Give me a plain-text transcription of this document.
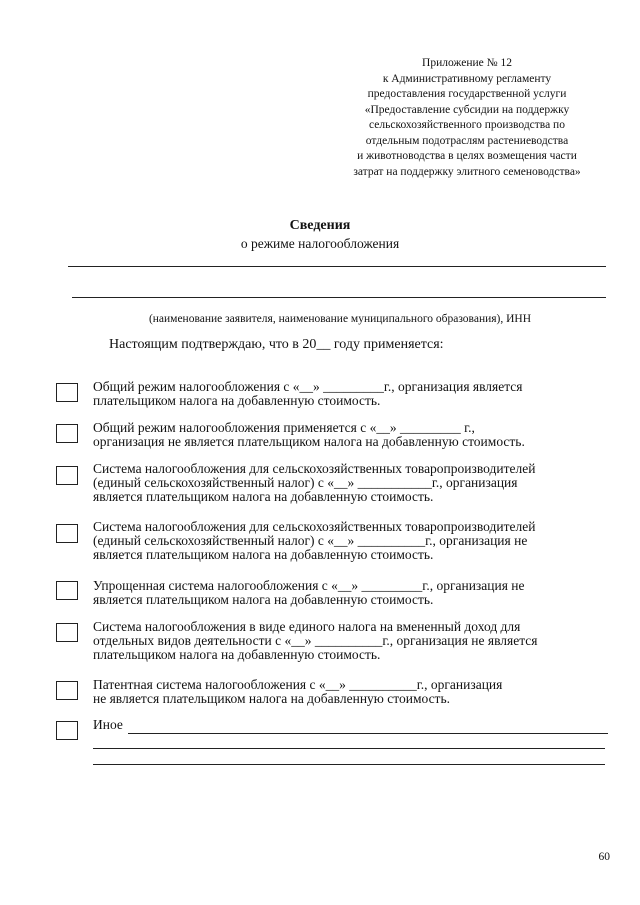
Приложение № 12
к Административному регламенту
предоставления государственной услуги
«Предоставление субсидии на поддержку
сельскохозяйственного производства по
отдельным подотраслям растениеводства
и животноводства в целях возмещения части
затрат на поддержку элитного семеноводства»
Сведения
о режиме налогообложения
(наименование заявителя, наименование муниципального образования), ИНН
Настоящим подтверждаю, что в 20__ году применяется:
Общий режим налогообложения с «__» _________г., организация является
плательщиком налога на добавленную стоимость.
Общий режим налогообложения применяется с «__» _________ г.,
организация не является плательщиком налога на добавленную стоимость.
Система налогообложения для сельскохозяйственных товаропроизводителей
(единый сельскохозяйственный налог) с «__» ___________г., организация
является плательщиком налога на добавленную стоимость.
Система налогообложения для сельскохозяйственных товаропроизводителей
(единый сельскохозяйственный налог) с «__» __________г., организация не
является плательщиком налога на добавленную стоимость.
Упрощенная система налогообложения с «__» _________г., организация не
является плательщиком налога на добавленную стоимость.
Система налогообложения в виде единого налога на вмененный доход для
отдельных видов деятельности с «__» __________г., организация не является
плательщиком налога на добавленную стоимость.
Патентная система налогообложения с «__» __________г., организация
не является плательщиком налога на добавленную стоимость.
Иное
60
